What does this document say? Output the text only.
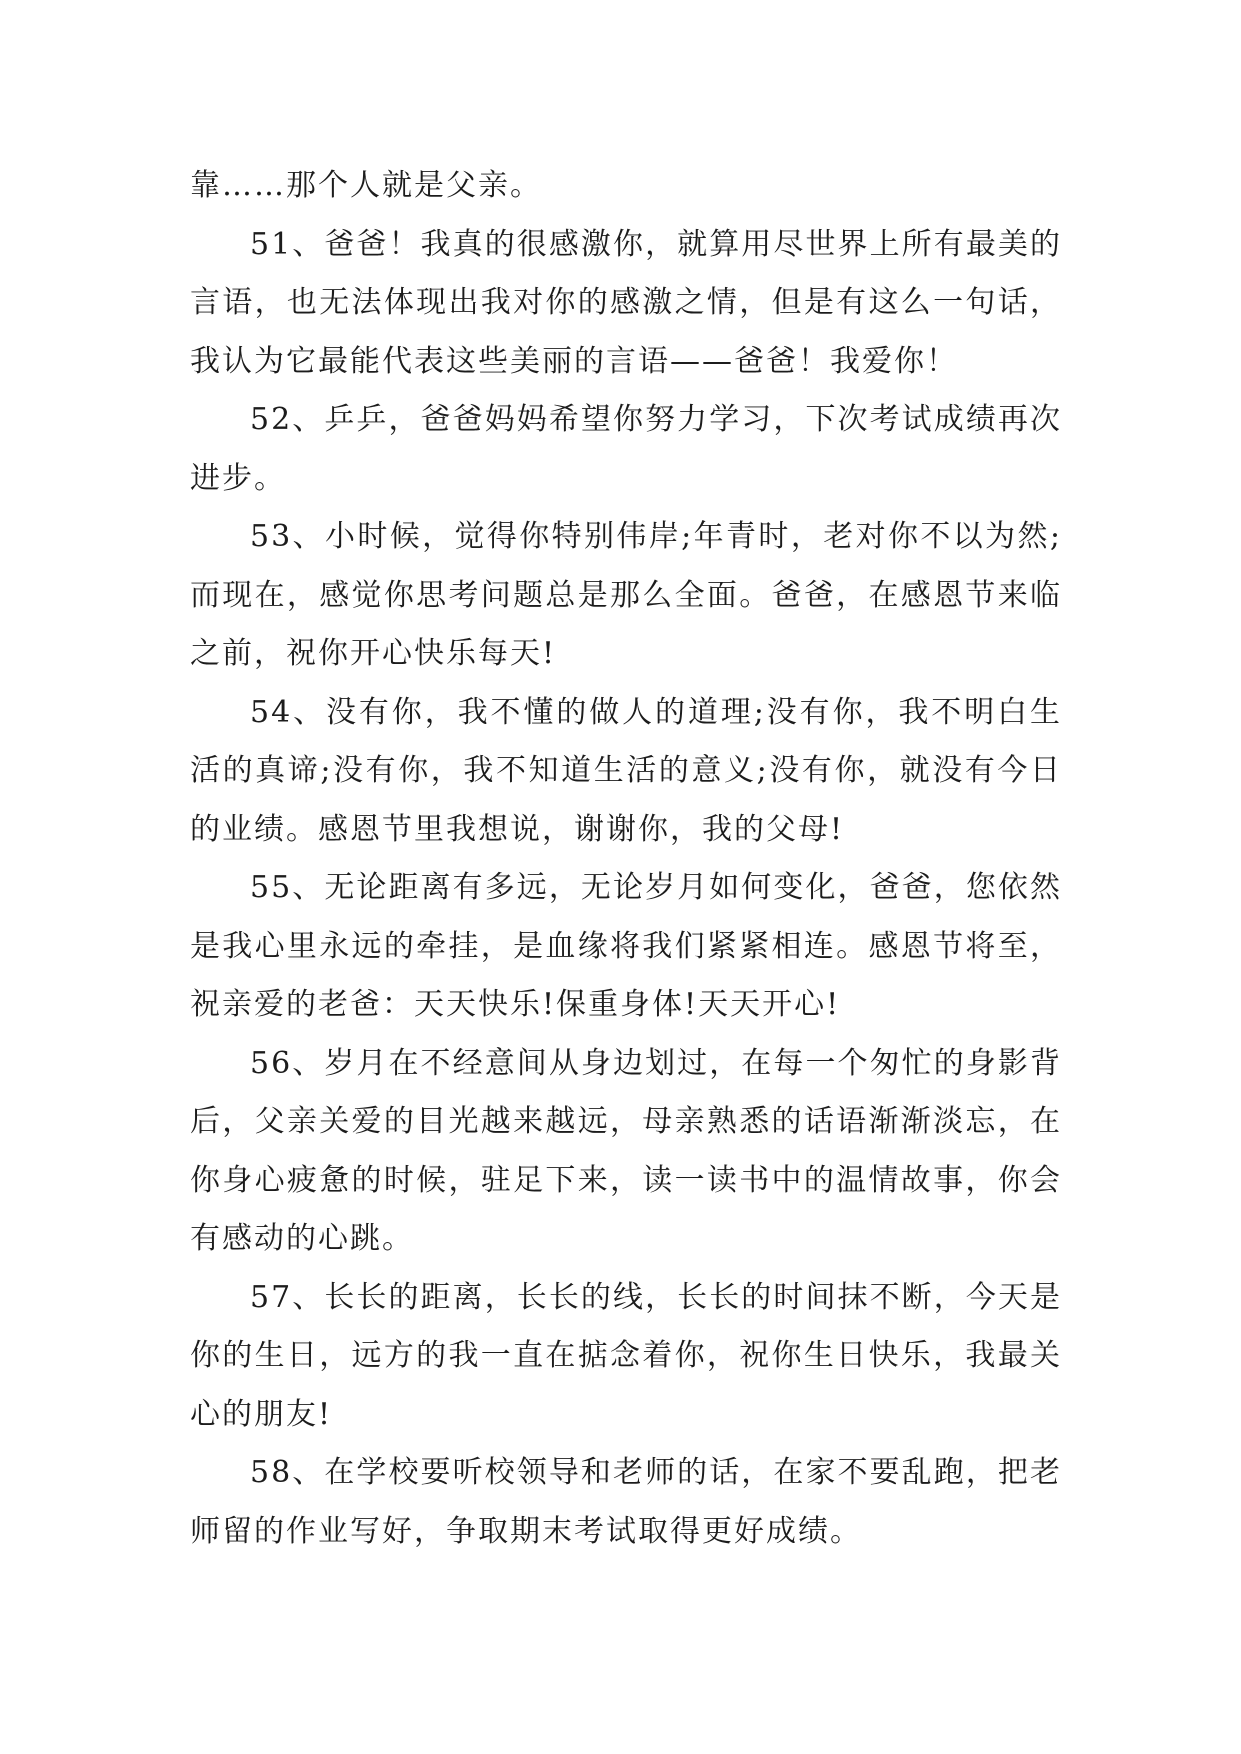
靠……那个人就是父亲。

51、爸爸！我真的很感激你，就算用尽世界上所有最美的言语，也无法体现出我对你的感激之情，但是有这么一句话，我认为它最能代表这些美丽的言语——爸爸！我爱你！

52、乒乒，爸爸妈妈希望你努力学习，下次考试成绩再次进步。

53、小时候，觉得你特别伟岸;年青时，老对你不以为然;而现在，感觉你思考问题总是那么全面。爸爸，在感恩节来临之前，祝你开心快乐每天!

54、没有你，我不懂的做人的道理;没有你，我不明白生活的真谛;没有你，我不知道生活的意义;没有你，就没有今日的业绩。感恩节里我想说，谢谢你，我的父母!

55、无论距离有多远，无论岁月如何变化，爸爸，您依然是我心里永远的牵挂，是血缘将我们紧紧相连。感恩节将至，祝亲爱的老爸：天天快乐!保重身体!天天开心!

56、岁月在不经意间从身边划过，在每一个匆忙的身影背后，父亲关爱的目光越来越远，母亲熟悉的话语渐渐淡忘，在你身心疲惫的时候，驻足下来，读一读书中的温情故事，你会有感动的心跳。

57、长长的距离，长长的线，长长的时间抹不断，今天是你的生日，远方的我一直在掂念着你，祝你生日快乐，我最关心的朋友!

58、在学校要听校领导和老师的话，在家不要乱跑，把老师留的作业写好，争取期末考试取得更好成绩。
